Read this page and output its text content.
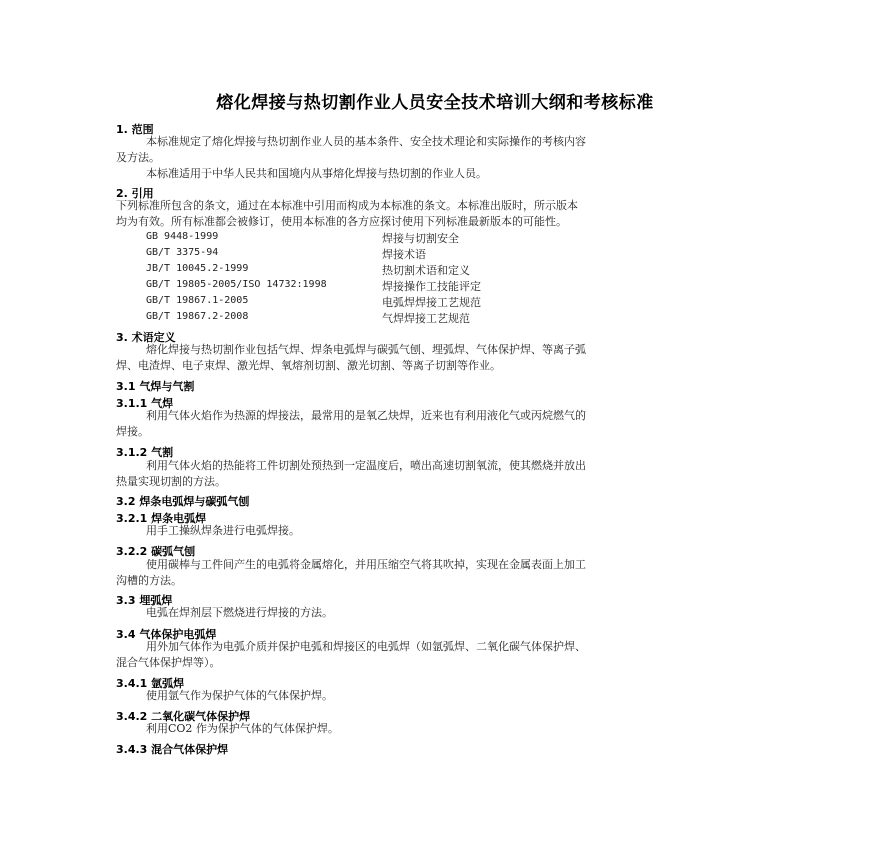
熔化焊接与热切割作业人员安全技术培训大纲和考核标准
1. 范围
本标准规定了熔化焊接与热切割作业人员的基本条件、安全技术理论和实际操作的考核内容
及方法。
本标准适用于中华人民共和国境内从事熔化焊接与热切割的作业人员。
2. 引用
下列标准所包含的条文，通过在本标准中引用而构成为本标准的条文。本标准出版时，所示版本
均为有效。所有标准都会被修订，使用本标准的各方应探讨使用下列标准最新版本的可能性。
GB 9448-1999	焊接与切割安全
GB/T 3375-94	焊接术语
JB/T 10045.2-1999	热切割术语和定义
GB/T 19805-2005/ISO 14732:1998	焊接操作工技能评定
GB/T 19867.1-2005	电弧焊焊接工艺规范
GB/T 19867.2-2008	气焊焊接工艺规范
3. 术语定义
熔化焊接与热切割作业包括气焊、焊条电弧焊与碳弧气刨、埋弧焊、气体保护焊、等离子弧
焊、电渣焊、电子束焊、激光焊、氧熔剂切割、激光切割、等离子切割等作业。
3.1 气焊与气割
3.1.1 气焊
利用气体火焰作为热源的焊接法，最常用的是氧乙炔焊，近来也有利用液化气或丙烷燃气的
焊接。
3.1.2 气割
利用气体火焰的热能将工件切割处预热到一定温度后，喷出高速切割氧流，使其燃烧并放出
热量实现切割的方法。
3.2 焊条电弧焊与碳弧气刨
3.2.1 焊条电弧焊
用手工操纵焊条进行电弧焊接。
3.2.2 碳弧气刨
使用碳棒与工件间产生的电弧将金属熔化，并用压缩空气将其吹掉，实现在金属表面上加工
沟槽的方法。
3.3 埋弧焊
电弧在焊剂层下燃烧进行焊接的方法。
3.4 气体保护电弧焊
用外加气体作为电弧介质并保护电弧和焊接区的电弧焊（如氩弧焊、二氧化碳气体保护焊、
混合气体保护焊等）。
3.4.1 氩弧焊
使用氩气作为保护气体的气体保护焊。
3.4.2 二氧化碳气体保护焊
利用CO2 作为保护气体的气体保护焊。
3.4.3 混合气体保护焊
